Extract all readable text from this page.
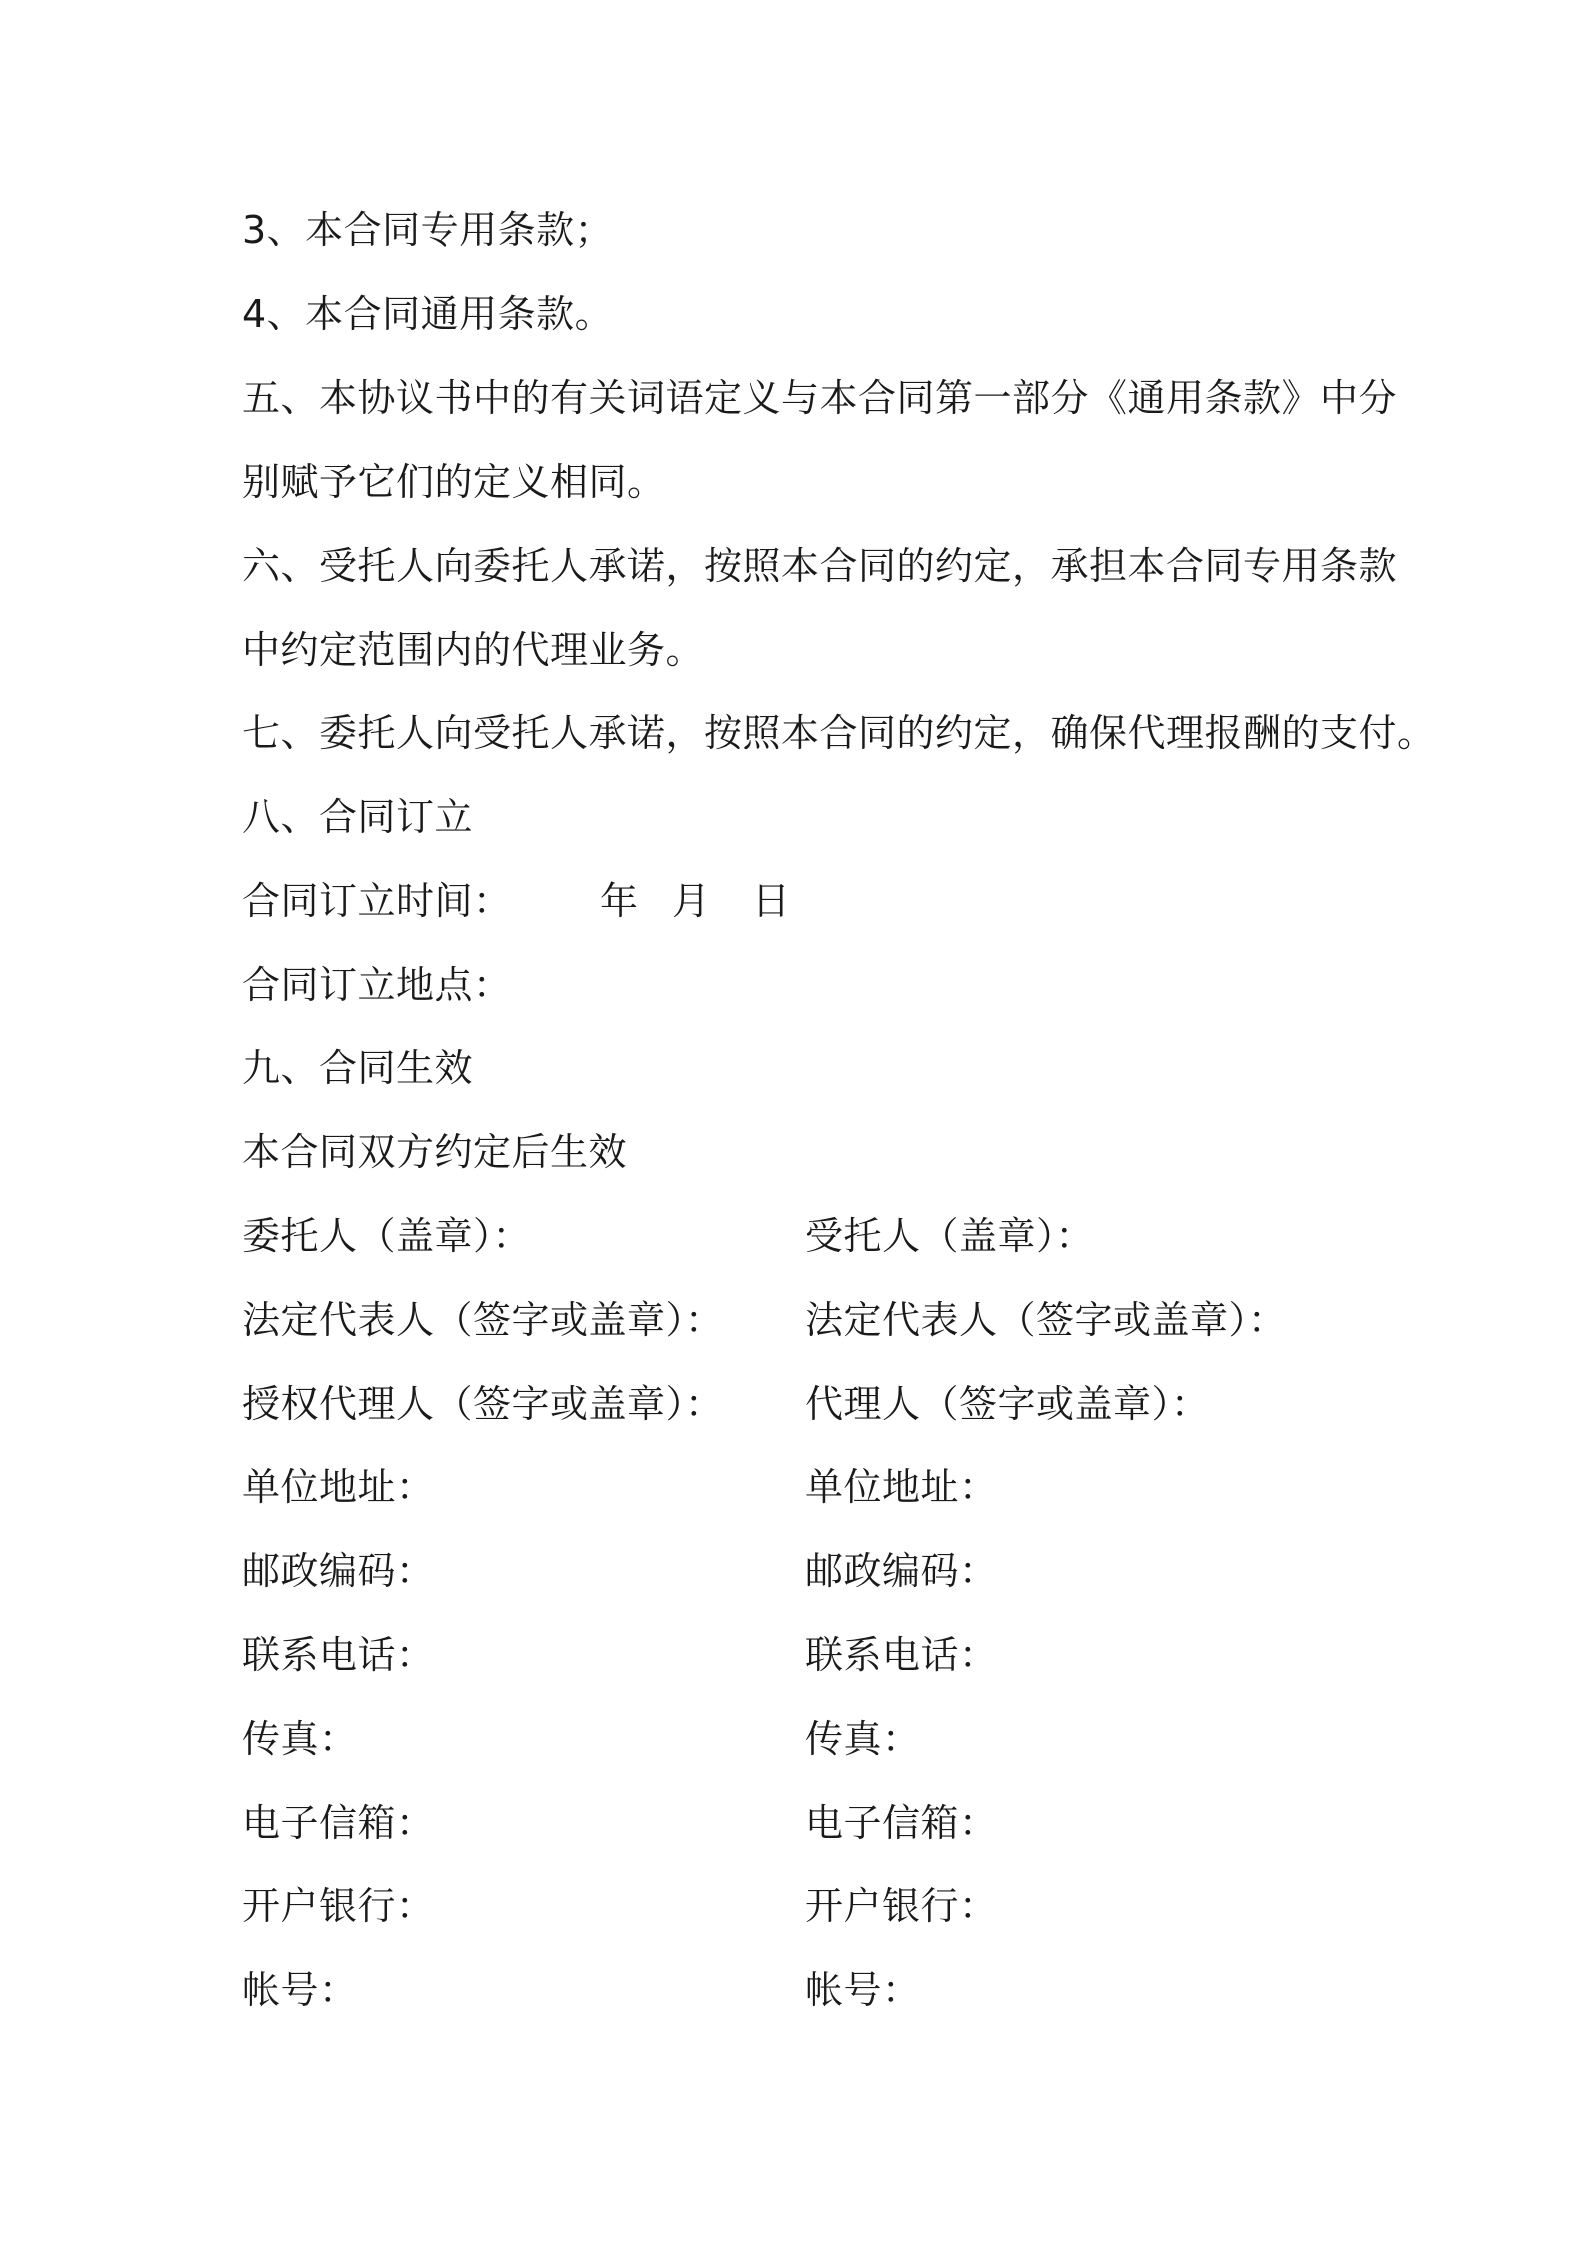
3、本合同专用条款；
4、本合同通用条款。
五、本协议书中的有关词语定义与本合同第一部分《通用条款》中分
别赋予它们的定义相同。
六、受托人向委托人承诺，按照本合同的约定，承担本合同专用条款
中约定范围内的代理业务。
七、委托人向受托人承诺，按照本合同的约定，确保代理报酬的支付。
八、合同订立
合同订立时间： 年 月 日
合同订立地点：
九、合同生效
本合同双方约定后生效
委托人（盖章）：
法定代表人（签字或盖章）：
授权代理人（签字或盖章）：
单位地址：
邮政编码：
联系电话：
传真：
电子信箱：
开户银行：
帐号：
受托人（盖章）：
法定代表人（签字或盖章）：
代理人（签字或盖章）：
单位地址：
邮政编码：
联系电话：
传真：
电子信箱：
开户银行：
帐号：
